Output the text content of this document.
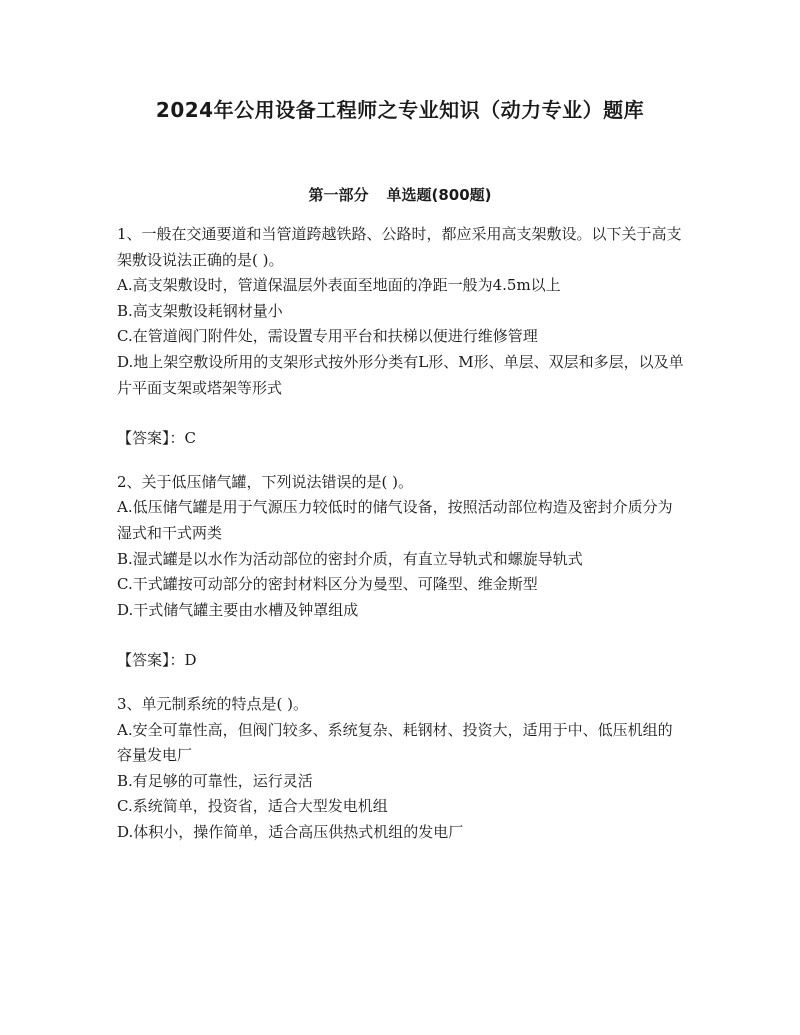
2024年公用设备工程师之专业知识（动力专业）题库
第一部分 单选题(800题)

1、一般在交通要道和当管道跨越铁路、公路时，都应采用高支架敷设。以下关于高支架敷设说法正确的是( )。

A.高支架敷设时，管道保温层外表面至地面的净距一般为4.5m以上

B.高支架敷设耗钢材量小

C.在管道阀门附件处，需设置专用平台和扶梯以便进行维修管理

D.地上架空敷设所用的支架形式按外形分类有L形、M形、单层、双层和多层，以及单片平面支架或塔架等形式

【答案】：C

2、关于低压储气罐，下列说法错误的是( )。

A.低压储气罐是用于气源压力较低时的储气设备，按照活动部位构造及密封介质分为湿式和干式两类

B.湿式罐是以水作为活动部位的密封介质，有直立导轨式和螺旋导轨式

C.干式罐按可动部分的密封材料区分为曼型、可隆型、维金斯型

D.干式储气罐主要由水槽及钟罩组成

【答案】：D

3、单元制系统的特点是( )。

A.安全可靠性高，但阀门较多、系统复杂、耗钢材、投资大，适用于中、低压机组的容量发电厂

B.有足够的可靠性，运行灵活

C.系统简单，投资省，适合大型发电机组

D.体积小，操作简单，适合高压供热式机组的发电厂
